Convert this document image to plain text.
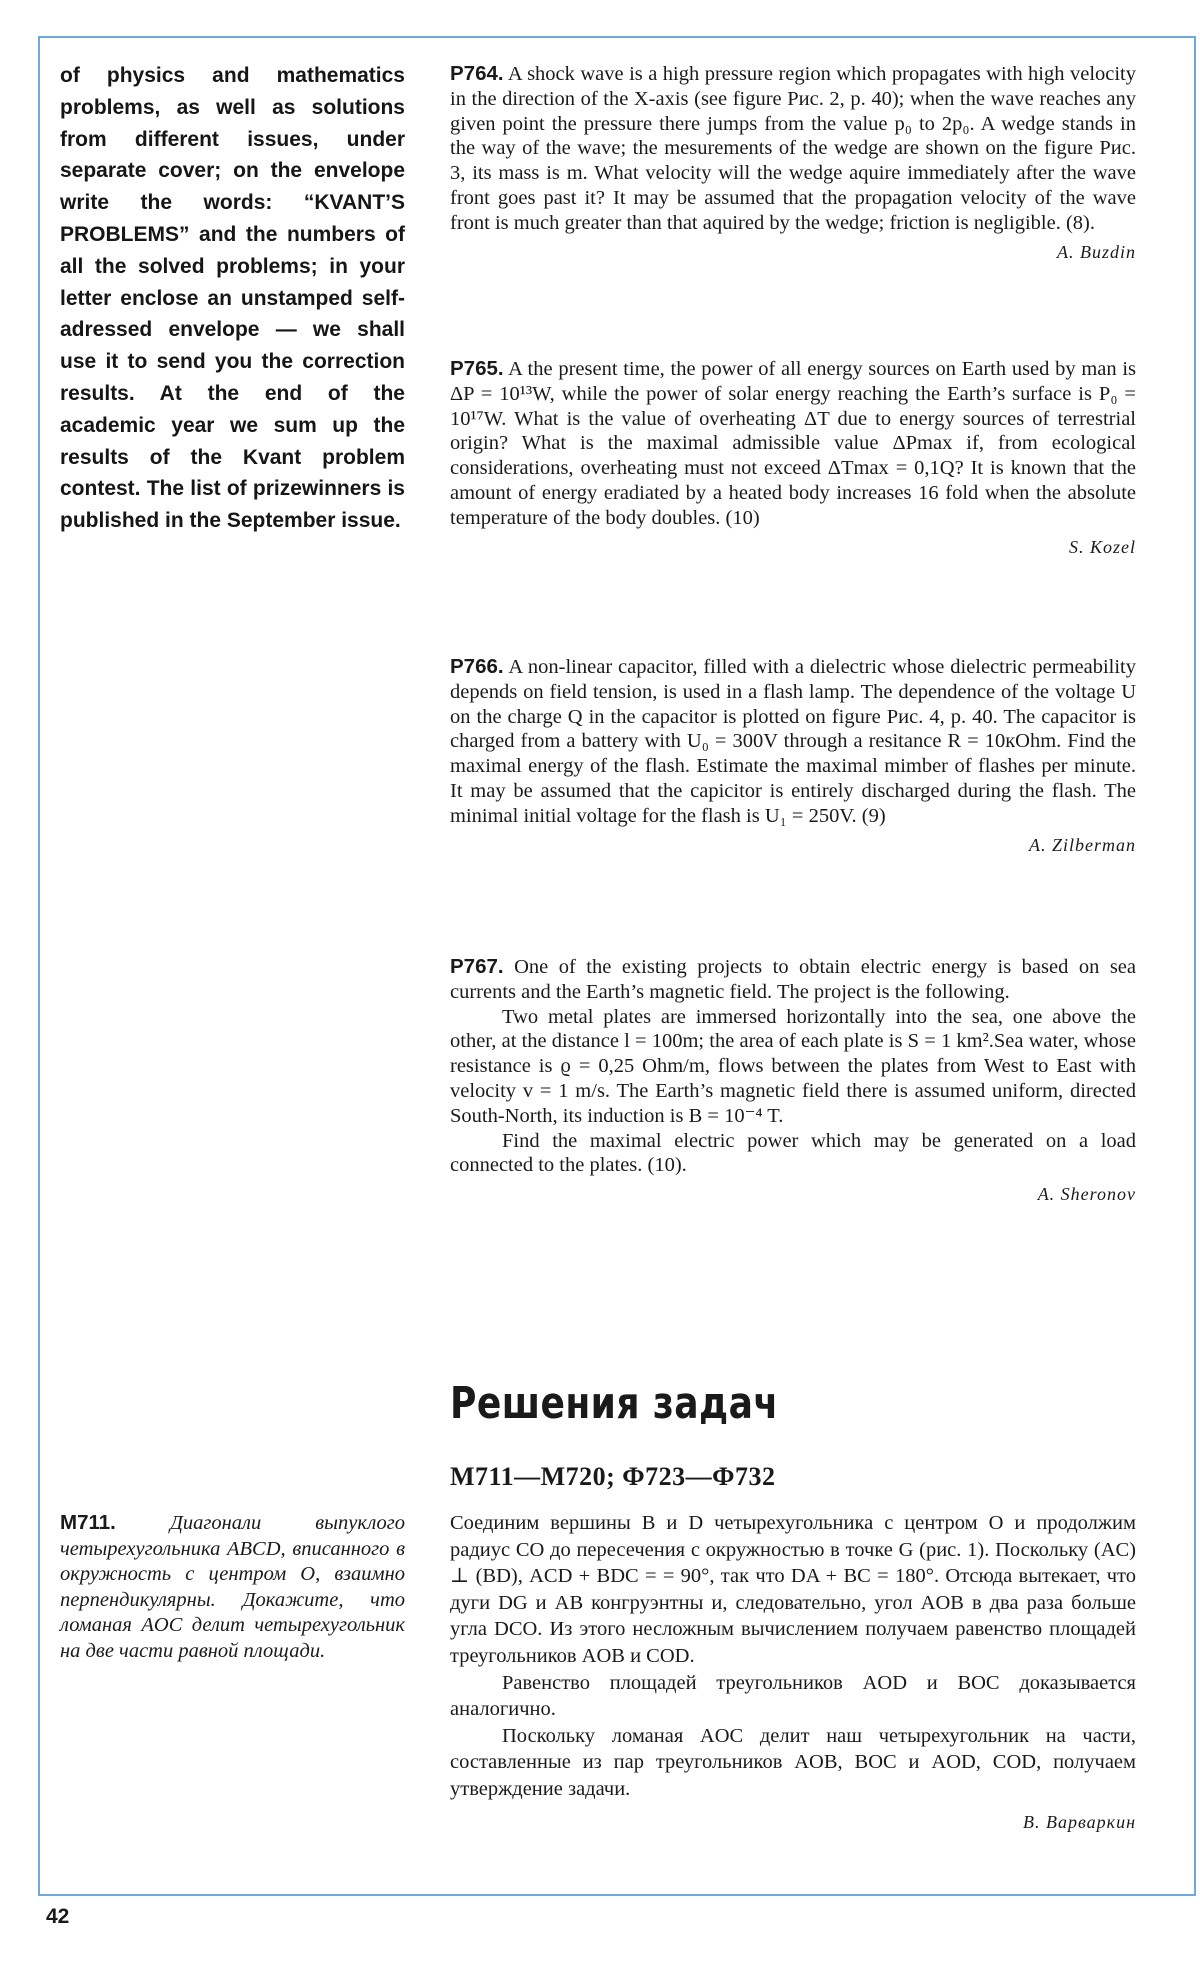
of physics and mathematics problems, as well as solutions from different issues, under separate cover; on the envelope write the words: “KVANT’S PROBLEMS” and the numbers of all the solved problems; in your letter enclose an unstamped self-adressed envelope — we shall use it to send you the correction results. At the end of the academic year we sum up the results of the Kvant problem contest. The list of prizewinners is published in the September issue.

P764. A shock wave is a high pressure region which propagates with high velocity in the direction of the X-axis (see figure Рис. 2, p. 40); when the wave reaches any given point the pressure there jumps from the value p₀ to 2p₀. A wedge stands in the way of the wave; the mesurements of the wedge are shown on the figure Рис. 3, its mass is m. What velocity will the wedge aquire immediately after the wave front goes past it? It may be assumed that the propagation velocity of the wave front is much greater than that aquired by the wedge; friction is negligible. (8).

A. Buzdin

P765. A the present time, the power of all energy sources on Earth used by man is ΔP = 10¹³W, while the power of solar energy reaching the Earth’s surface is P₀ = 10¹⁷W. What is the value of overheating ΔT due to energy sources of terrestrial origin? What is the maximal admissible value ΔPmax if, from ecological considerations, overheating must not exceed ΔTmax = 0,1Q? It is known that the amount of energy eradiated by a heated body increases 16 fold when the absolute temperature of the body doubles. (10)

S. Kozel

P766. A non-linear capacitor, filled with a dielectric whose dielectric permeability depends on field tension, is used in a flash lamp. The dependence of the voltage U on the charge Q in the capacitor is plotted on figure Рис. 4, p. 40. The capacitor is charged from a battery with U₀ = 300V through a resitance R = 10кOhm. Find the maximal energy of the flash. Estimate the maximal mimber of flashes per minute. It may be assumed that the capicitor is entirely discharged during the flash. The minimal initial voltage for the flash is U₁ = 250V. (9)

A. Zilberman

P767. One of the existing projects to obtain electric energy is based on sea currents and the Earth’s magnetic field. The project is the following.

Two metal plates are immersed horizontally into the sea, one above the other, at the distance l = 100m; the area of each plate is S = 1 km².Sea water, whose resistance is ϱ = 0,25 Ohm/m, flows between the plates from West to East with velocity v = 1 m/s. The Earth’s magnetic field there is assumed uniform, directed South-North, its induction is B = 10⁻⁴ T.

Find the maximal electric power which may be generated on a load connected to the plates. (10).

A. Sheronov
Решения задач
М711—М720; Ф723—Ф732
М711.	Диагонали выпуклого четырехугольника ABCD, вписанного в окружность с центром O, взаимно перпендикулярны. Докажите, что ломаная AOC делит четырехугольник на две части равной площади.

Соединим вершины B и D четырехугольника с центром O и продолжим радиус CO до пересечения с окружностью в точке G (рис. 1). Поскольку (AC) ⊥ (BD), ACD + BDC = = 90°, так что DA + BC = 180°. Отсюда вытекает, что дуги DG и AB конгруэнтны и, следовательно, угол AOB в два раза больше угла DCO. Из этого несложным вычислением получаем равенство площадей треугольников AOB и COD.

Равенство площадей треугольников AOD и BOC доказывается аналогично.

Поскольку ломаная AOC делит наш четырехугольник на части, составленные из пар треугольников AOB, BOC и AOD, COD, получаем утверждение задачи.

В. Варваркин
42
